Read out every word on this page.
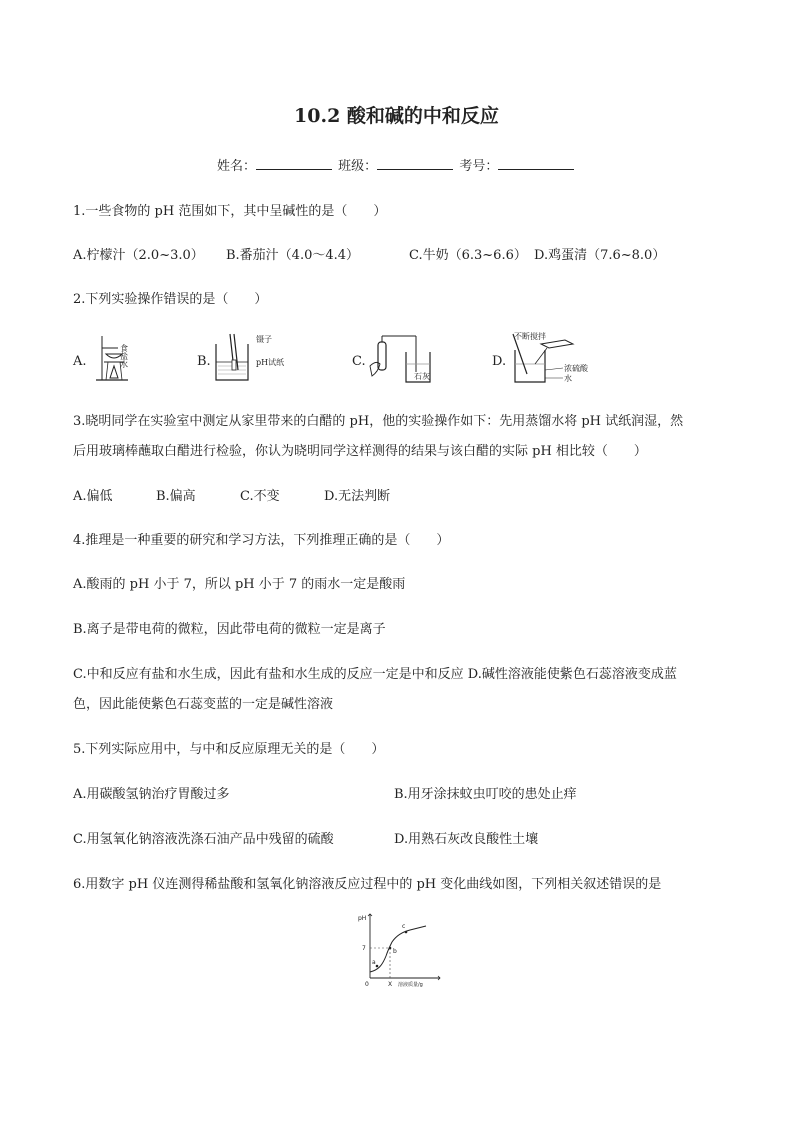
10.2 酸和碱的中和反应
姓名：	班级：	考号：
1.一些食物的 pH 范围如下，其中呈碱性的是（　　）
A.柠檬汁（2.0~3.0） B.番茄汁（4.0～4.4）	C.牛奶（6.3~6.6） D.鸡蛋清（7.6~8.0）
2.下列实验操作错误的是（　　）
A.
食
盐
水	B.
镊子
pH试纸	C.
石灰
D.
不断搅拌
浓硫酸
水
3.晓明同学在实验室中测定从家里带来的白醋的 pH，他的实验操作如下：先用蒸馏水将 pH 试纸润湿，然
后用玻璃棒蘸取白醋进行检验，你认为晓明同学这样测得的结果与该白醋的实际 pH 相比较（　　）
A.偏低	B.偏高	C.不变	D.无法判断
4.推理是一种重要的研究和学习方法，下列推理正确的是（　　）
A.酸雨的 pH 小于 7，所以 pH 小于 7 的雨水一定是酸雨
B.离子是带电荷的微粒，因此带电荷的微粒一定是离子
C.中和反应有盐和水生成，因此有盐和水生成的反应一定是中和反应 D.碱性溶液能使紫色石蕊溶液变成蓝
色，因此能使紫色石蕊变蓝的一定是碱性溶液
5.下列实际应用中，与中和反应原理无关的是（　　）
A.用碳酸氢钠治疗胃酸过多	B.用牙涂抹蚊虫叮咬的患处止痒
C.用氢氧化钠溶液洗涤石油产品中残留的硫酸	D.用熟石灰改良酸性土壤
6.用数字 pH 仪连测得稀盐酸和氢氧化钠溶液反应过程中的 pH 变化曲线如图，下列相关叙述错误的是
pH
7
0	X 溶液质量/g
a
b
c
